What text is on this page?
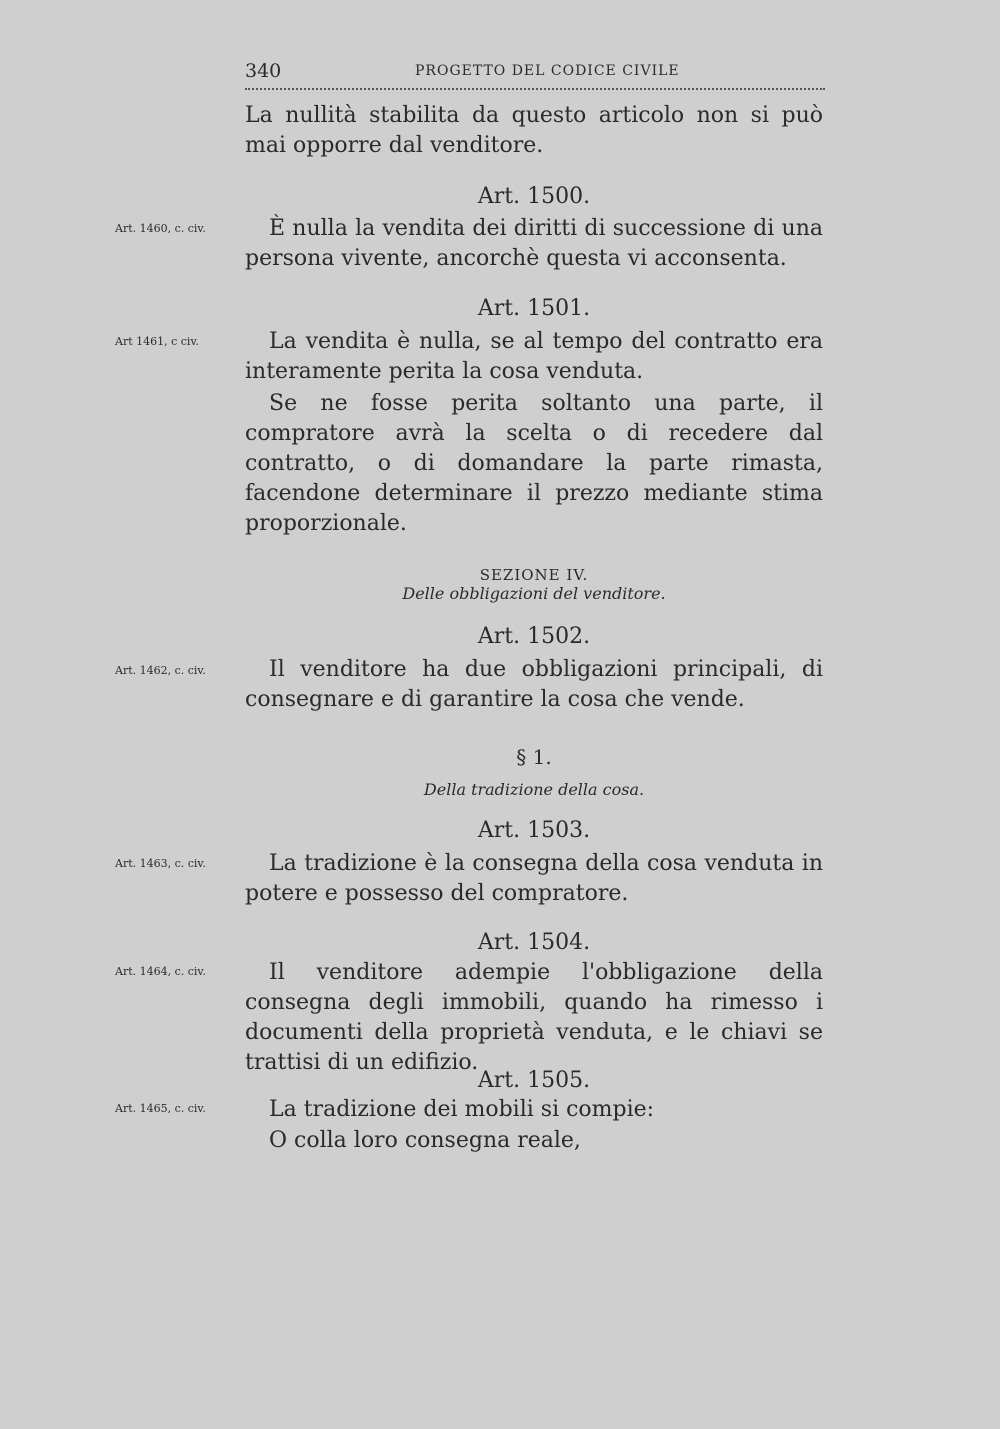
340	PROGETTO DEL CODICE CIVILE
La nullità stabilita da questo articolo non si può mai opporre dal venditore.
Art. 1500.
Art. 1460, c. civ.	È nulla la vendita dei diritti di successione di una persona vivente, ancorchè questa vi acconsenta.
Art. 1501.
Art 1461, c civ.	La vendita è nulla, se al tempo del contratto era interamente perita la cosa venduta.
Se ne fosse perita soltanto una parte, il compratore avrà la scelta o di recedere dal contratto, o di domandare la parte rimasta, facendone determinare il prezzo mediante stima proporzionale.
SEZIONE IV.
Delle obbligazioni del venditore.
Art. 1502.
Art. 1462, c. civ.	Il venditore ha due obbligazioni principali, di consegnare e di garantire la cosa che vende.
§ 1.
Della tradizione della cosa.
Art. 1503.
Art. 1463, c. civ.	La tradizione è la consegna della cosa venduta in potere e possesso del compratore.
Art. 1504.
Art. 1464, c. civ.	Il venditore adempie l'obbligazione della consegna degli immobili, quando ha rimesso i documenti della proprietà venduta, e le chiavi se trattisi di un edifizio.
Art. 1505.
Art. 1465, c. civ.	La tradizione dei mobili si compie:
O colla loro consegna reale,
